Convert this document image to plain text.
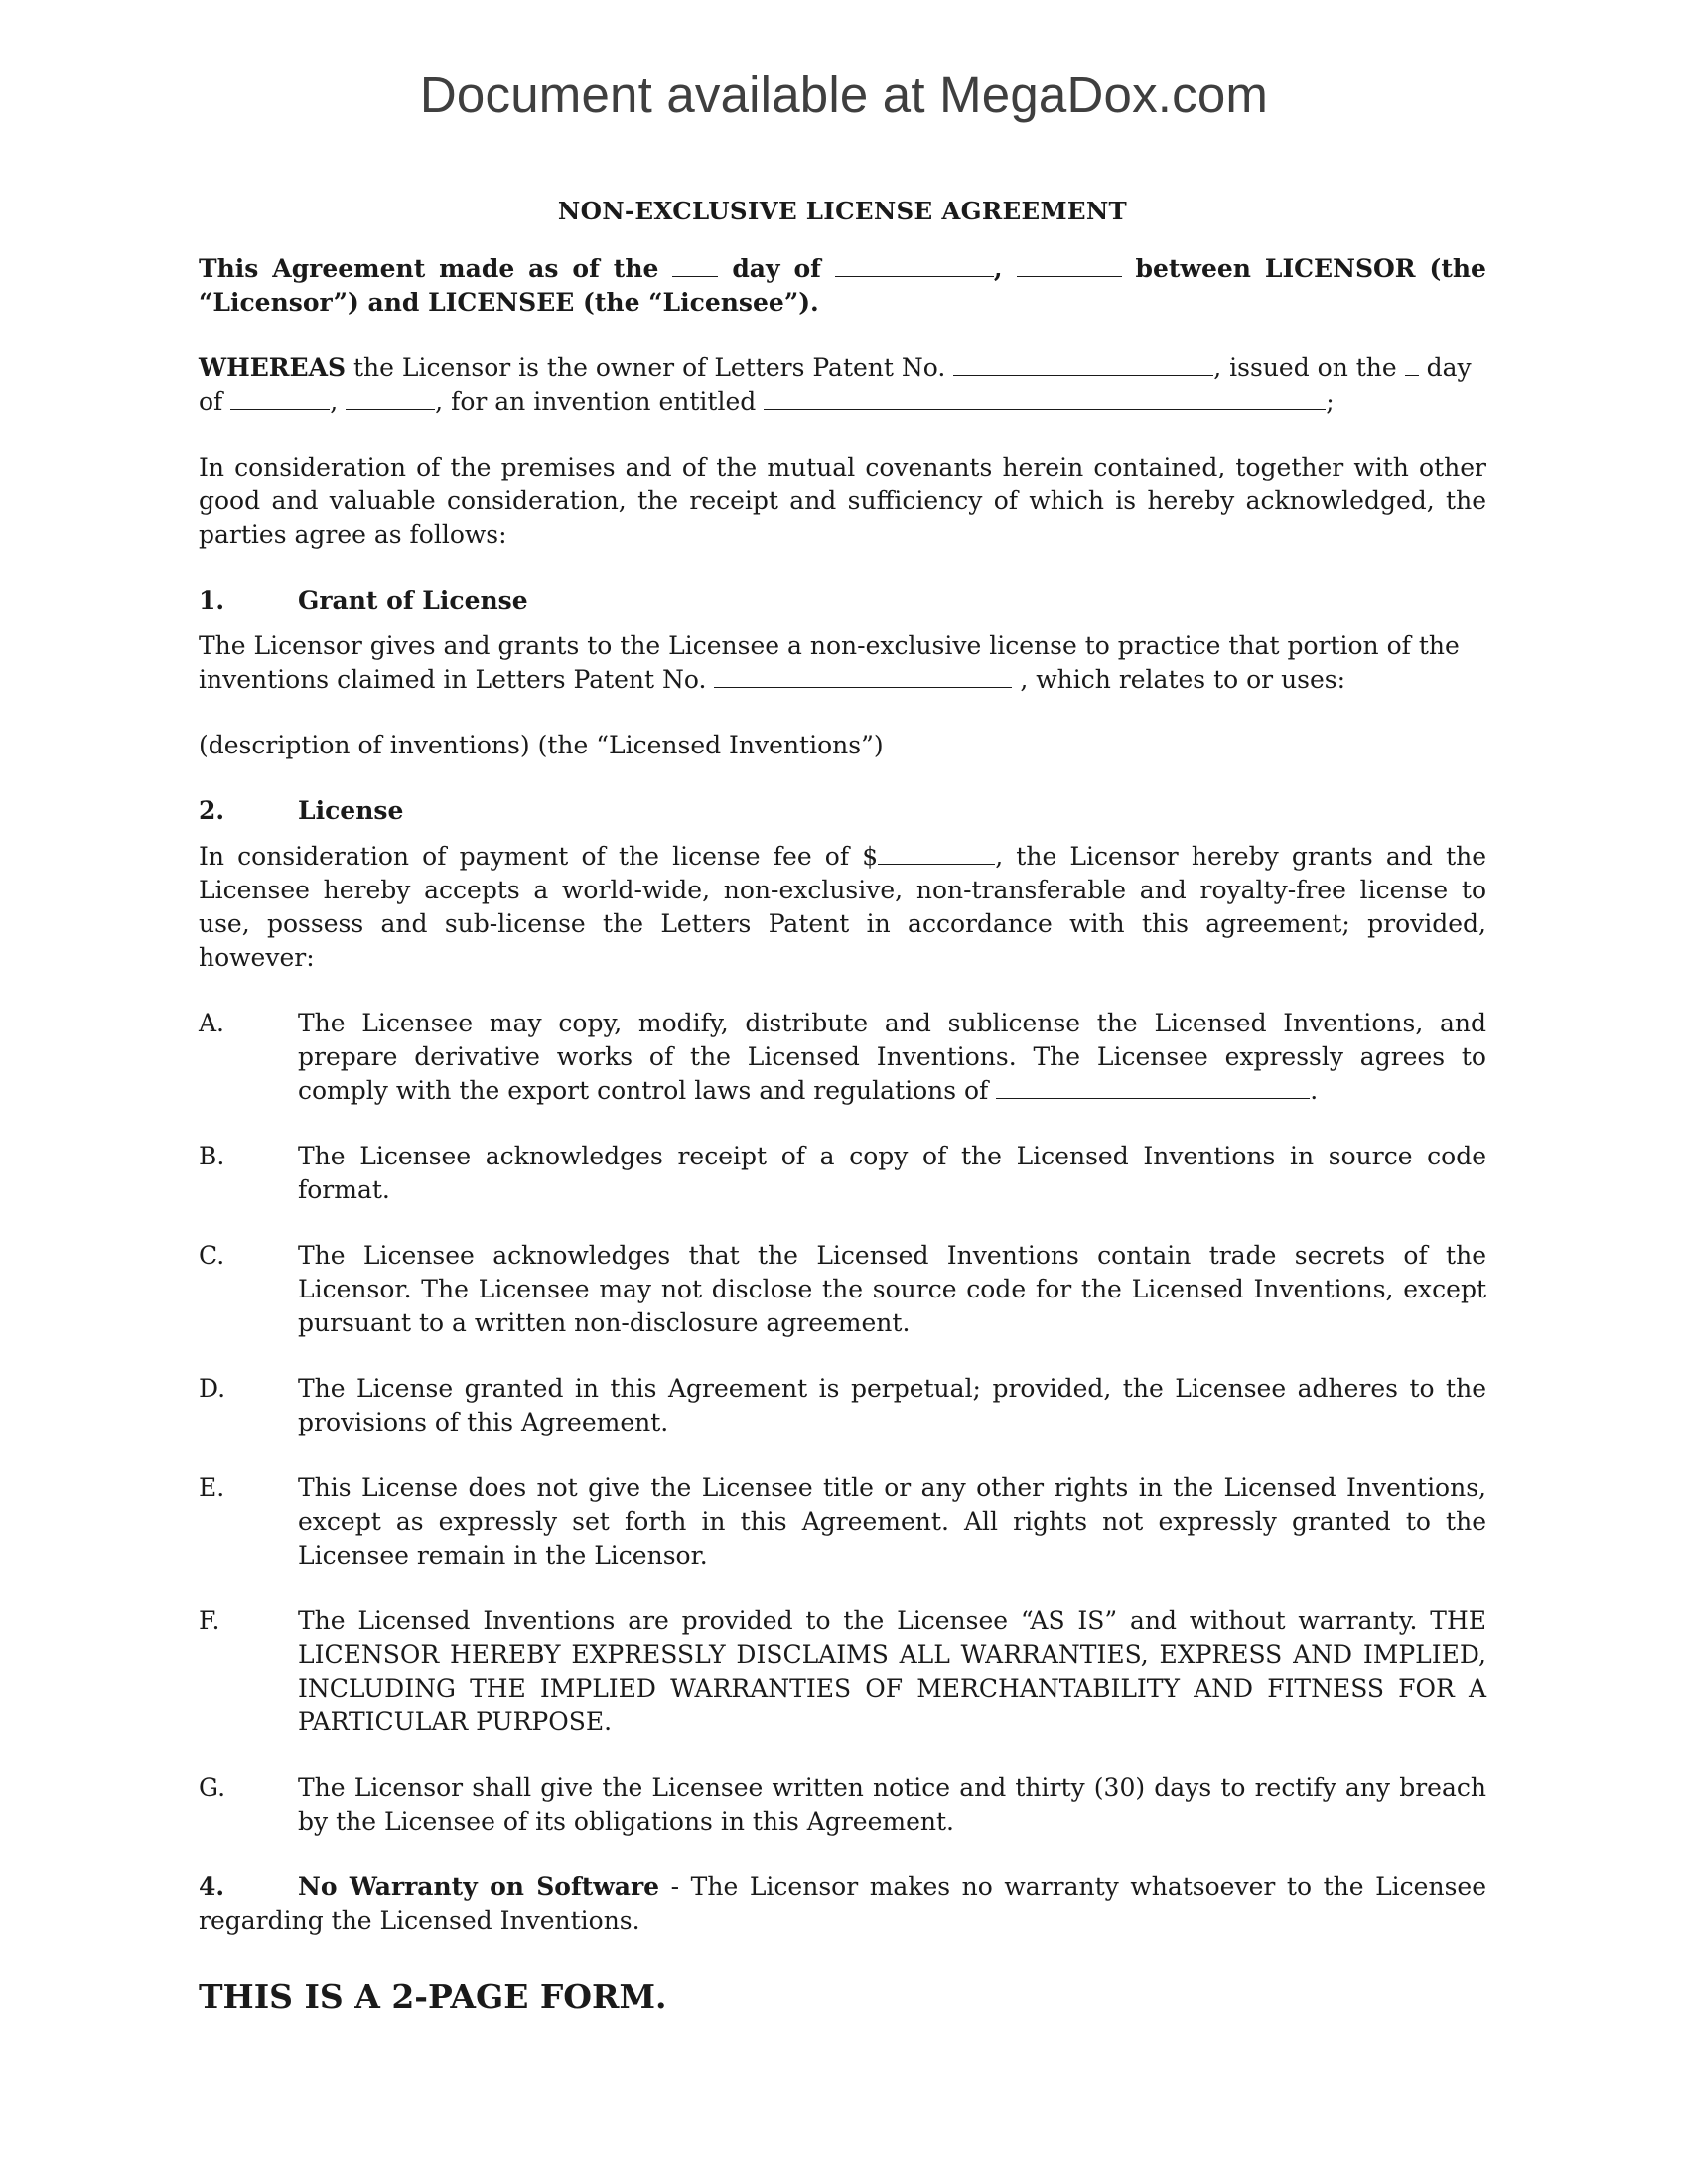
Document available at MegaDox.com
NON-EXCLUSIVE LICENSE AGREEMENT

This Agreement made as of the	day of	,	between LICENSOR (the “Licensor”) and LICENSEE (the “Licensee”).

WHEREAS the Licensor is the owner of Letters Patent No.	, issued on the day of	,	, for an invention entitled	;

In consideration of the premises and of the mutual covenants herein contained, together with other good and valuable consideration, the receipt and sufficiency of which is hereby acknowledged, the parties agree as follows:

1.	Grant of License

The Licensor gives and grants to the Licensee a non-exclusive license to practice that portion of the inventions claimed in Letters Patent No.	, which relates to or uses:

(description of inventions) (the “Licensed Inventions”)

2.	License

In consideration of payment of the license fee of $	, the Licensor hereby grants and the Licensee hereby accepts a world-wide, non-exclusive, non-transferable and royalty-free license to use, possess and sub-license the Letters Patent in accordance with this agreement; provided, however:

A.	The Licensee may copy, modify, distribute and sublicense the Licensed Inventions, and prepare derivative works of the Licensed Inventions. The Licensee expressly agrees to comply with the export control laws and regulations of	.
B.	The Licensee acknowledges receipt of a copy of the Licensed Inventions in source code format.
C.	The Licensee acknowledges that the Licensed Inventions contain trade secrets of the Licensor. The Licensee may not disclose the source code for the Licensed Inventions, except pursuant to a written non-disclosure agreement.
D.	The License granted in this Agreement is perpetual; provided, the Licensee adheres to the provisions of this Agreement.
E.	This License does not give the Licensee title or any other rights in the Licensed Inventions, except as expressly set forth in this Agreement. All rights not expressly granted to the Licensee remain in the Licensor.
F.	The Licensed Inventions are provided to the Licensee “AS IS” and without warranty. THE LICENSOR HEREBY EXPRESSLY DISCLAIMS ALL WARRANTIES, EXPRESS AND IMPLIED, INCLUDING THE IMPLIED WARRANTIES OF MERCHANTABILITY AND FITNESS FOR A PARTICULAR PURPOSE.
G.	The Licensor shall give the Licensee written notice and thirty (30) days to rectify any breach by the Licensee of its obligations in this Agreement.

4.	No Warranty on Software - The Licensor makes no warranty whatsoever to the Licensee regarding the Licensed Inventions.

THIS IS A 2-PAGE FORM.
